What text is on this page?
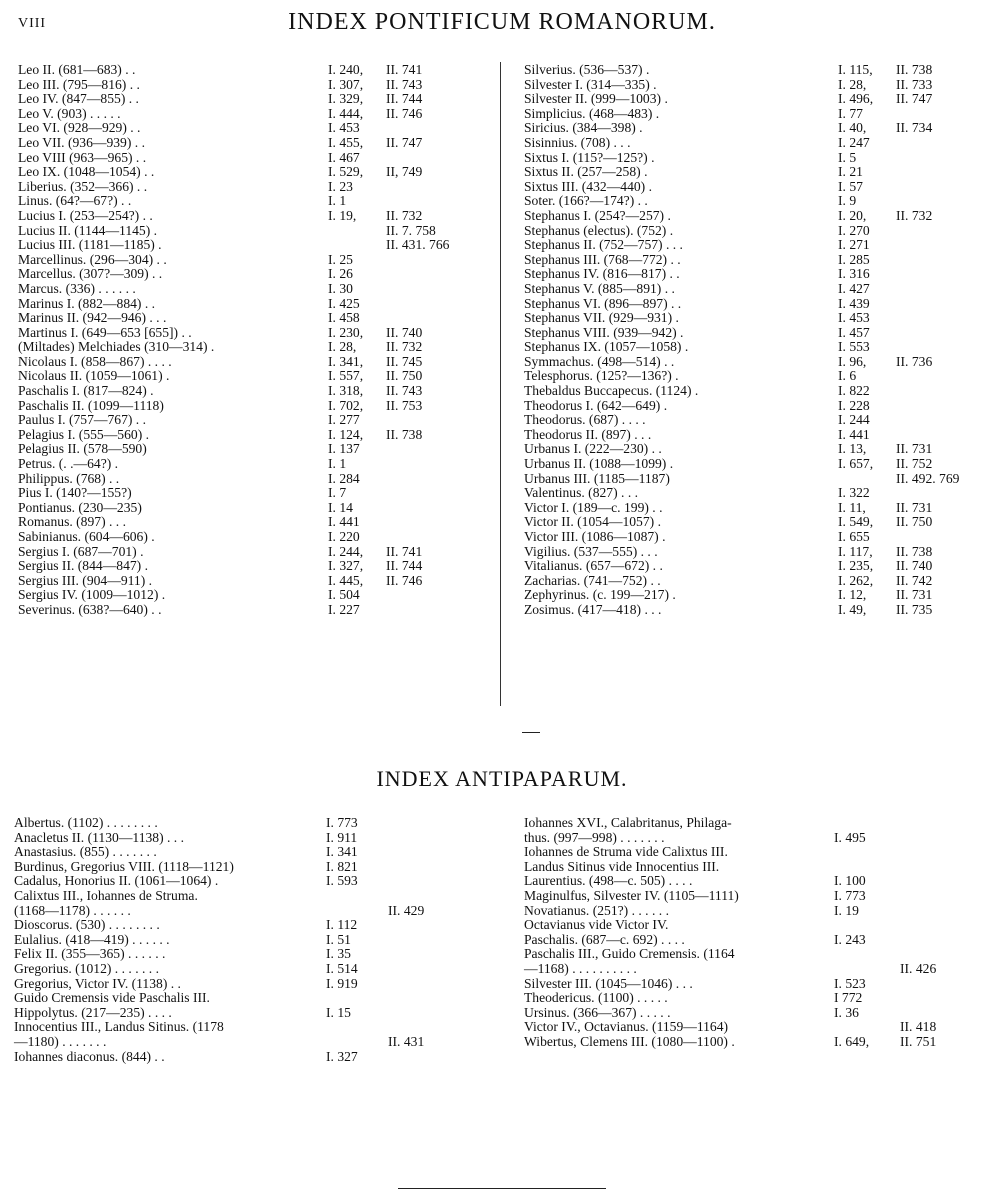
VIII	INDEX PONTIFICUM ROMANORUM.
Leo II. (681—683) . .	I. 240, II. 741
Leo III. (795—816) . .	I. 307, II. 743
Leo IV. (847—855) . .	I. 329, II. 744
Leo V. (903) . . . . .	I. 444, II. 746
Leo VI. (928—929) . .	I. 453
Leo VII. (936—939) . .	I. 455, II. 747
Leo VIII (963—965) . .	I. 467
Leo IX. (1048—1054) . .	I. 529, II, 749
Liberius. (352—366) . .	I. 23
Linus. (64?—67?) . .	I. 1
Lucius I. (253—254?) . .	I. 19, II. 732
Lucius II. (1144—1145) .	II. 7. 758
Lucius III. (1181—1185) .	II. 431. 766
Marcellinus. (296—304) . .	I. 25
Marcellus. (307?—309) . .	I. 26
Marcus. (336) . . . . . .	I. 30
Marinus I. (882—884) . .	I. 425
Marinus II. (942—946) . . .	I. 458
Martinus I. (649—653 [655]) . .	I. 230, II. 740
(Miltades) Melchiades (310—314) .	I. 28, II. 732
Nicolaus I. (858—867) . . . .	I. 341, II. 745
Nicolaus II. (1059—1061) .	I. 557, II. 750
Paschalis I. (817—824) .	I. 318, II. 743
Paschalis II. (1099—1118)	I. 702, II. 753
Paulus I. (757—767) . .	I. 277
Pelagius I. (555—560) .	I. 124, II. 738
Pelagius II. (578—590)	I. 137
Petrus. (. .—64?) .	I. 1
Philippus. (768) . .	I. 284
Pius I. (140?—155?)	I. 7
Pontianus. (230—235)	I. 14
Romanus. (897) . . .	I. 441
Sabinianus. (604—606) .	I. 220
Sergius I. (687—701) .	I. 244, II. 741
Sergius II. (844—847) .	I. 327, II. 744
Sergius III. (904—911) .	I. 445, II. 746
Sergius IV. (1009—1012) .	I. 504
Severinus. (638?—640) . .	I. 227
Silverius. (536—537) .	I. 115, II. 738
Silvester I. (314—335) .	I. 28, II. 733
Silvester II. (999—1003) .	I. 496, II. 747
Simplicius. (468—483) .	I. 77
Siricius. (384—398) .	I. 40, II. 734
Sisinnius. (708) . . .	I. 247
Sixtus I. (115?—125?) .	I. 5
Sixtus II. (257—258) .	I. 21
Sixtus III. (432—440) .	I. 57
Soter. (166?—174?) . .	I. 9
Stephanus I. (254?—257) .	I. 20, II. 732
Stephanus (electus). (752) .	I. 270
Stephanus II. (752—757) . . .	I. 271
Stephanus III. (768—772) . .	I. 285
Stephanus IV. (816—817) . .	I. 316
Stephanus V. (885—891) . .	I. 427
Stephanus VI. (896—897) . .	I. 439
Stephanus VII. (929—931) .	I. 453
Stephanus VIII. (939—942) .	I. 457
Stephanus IX. (1057—1058) .	I. 553
Symmachus. (498—514) . .	I. 96, II. 736
Telesphorus. (125?—136?) .	I. 6
Thebaldus Buccapecus. (1124) .	I. 822
Theodorus I. (642—649) .	I. 228
Theodorus. (687) . . . .	I. 244
Theodorus II. (897) . . .	I. 441
Urbanus I. (222—230) . .	I. 13, II. 731
Urbanus II. (1088—1099) .	I. 657, II. 752
Urbanus III. (1185—1187)	II. 492. 769
Valentinus. (827) . . .	I. 322
Victor I. (189—c. 199) . .	I. 11, II. 731
Victor II. (1054—1057) .	I. 549, II. 750
Victor III. (1086—1087) .	I. 655
Vigilius. (537—555) . . .	I. 117, II. 738
Vitalianus. (657—672) . .	I. 235, II. 740
Zacharias. (741—752) . .	I. 262, II. 742
Zephyrinus. (c. 199—217) .	I. 12, II. 731
Zosimus. (417—418) . . .	I. 49, II. 735
INDEX ANTIPAPARUM.
Albertus. (1102) . . . . . . . .	I. 773
Anacletus II. (1130—1138) . . .	I. 911
Anastasius. (855) . . . . . . .	I. 341
Burdinus, Gregorius VIII. (1118—1121)	I. 821
Cadalus, Honorius II. (1061—1064) .	I. 593
Calixtus III., Iohannes de Struma.
(1168—1178) . . . . . .	II. 429
Dioscorus. (530) . . . . . . . .	I. 112
Eulalius. (418—419) . . . . . .	I. 51
Felix II. (355—365) . . . . . .	I. 35
Gregorius. (1012) . . . . . . .	I. 514
Gregorius, Victor IV. (1138) . .	I. 919
Guido Cremensis vide Paschalis III.
Hippolytus. (217—235) . . . .	I. 15
Innocentius III., Landus Sitinus. (1178
—1180) . . . . . . .	II. 431
Iohannes diaconus. (844) . .	I. 327
Iohannes XVI., Calabritanus, Philaga-
thus. (997—998) . . . . . . .	I. 495
Iohannes de Struma vide Calixtus III.
Landus Sitinus vide Innocentius III.
Laurentius. (498—c. 505) . . . .	I. 100
Maginulfus, Silvester IV. (1105—1111)	I. 773
Novatianus. (251?) . . . . . .	I. 19
Octavianus vide Victor IV.
Paschalis. (687—c. 692) . . . .	I. 243
Paschalis III., Guido Cremensis. (1164
—1168) . . . . . . . . . .	II. 426
Silvester III. (1045—1046) . . .	I. 523
Theodericus. (1100) . . . . .	I 772
Ursinus. (366—367) . . . . .	I. 36
Victor IV., Octavianus. (1159—1164)	II. 418
Wibertus, Clemens III. (1080—1100) .	I. 649, II. 751
